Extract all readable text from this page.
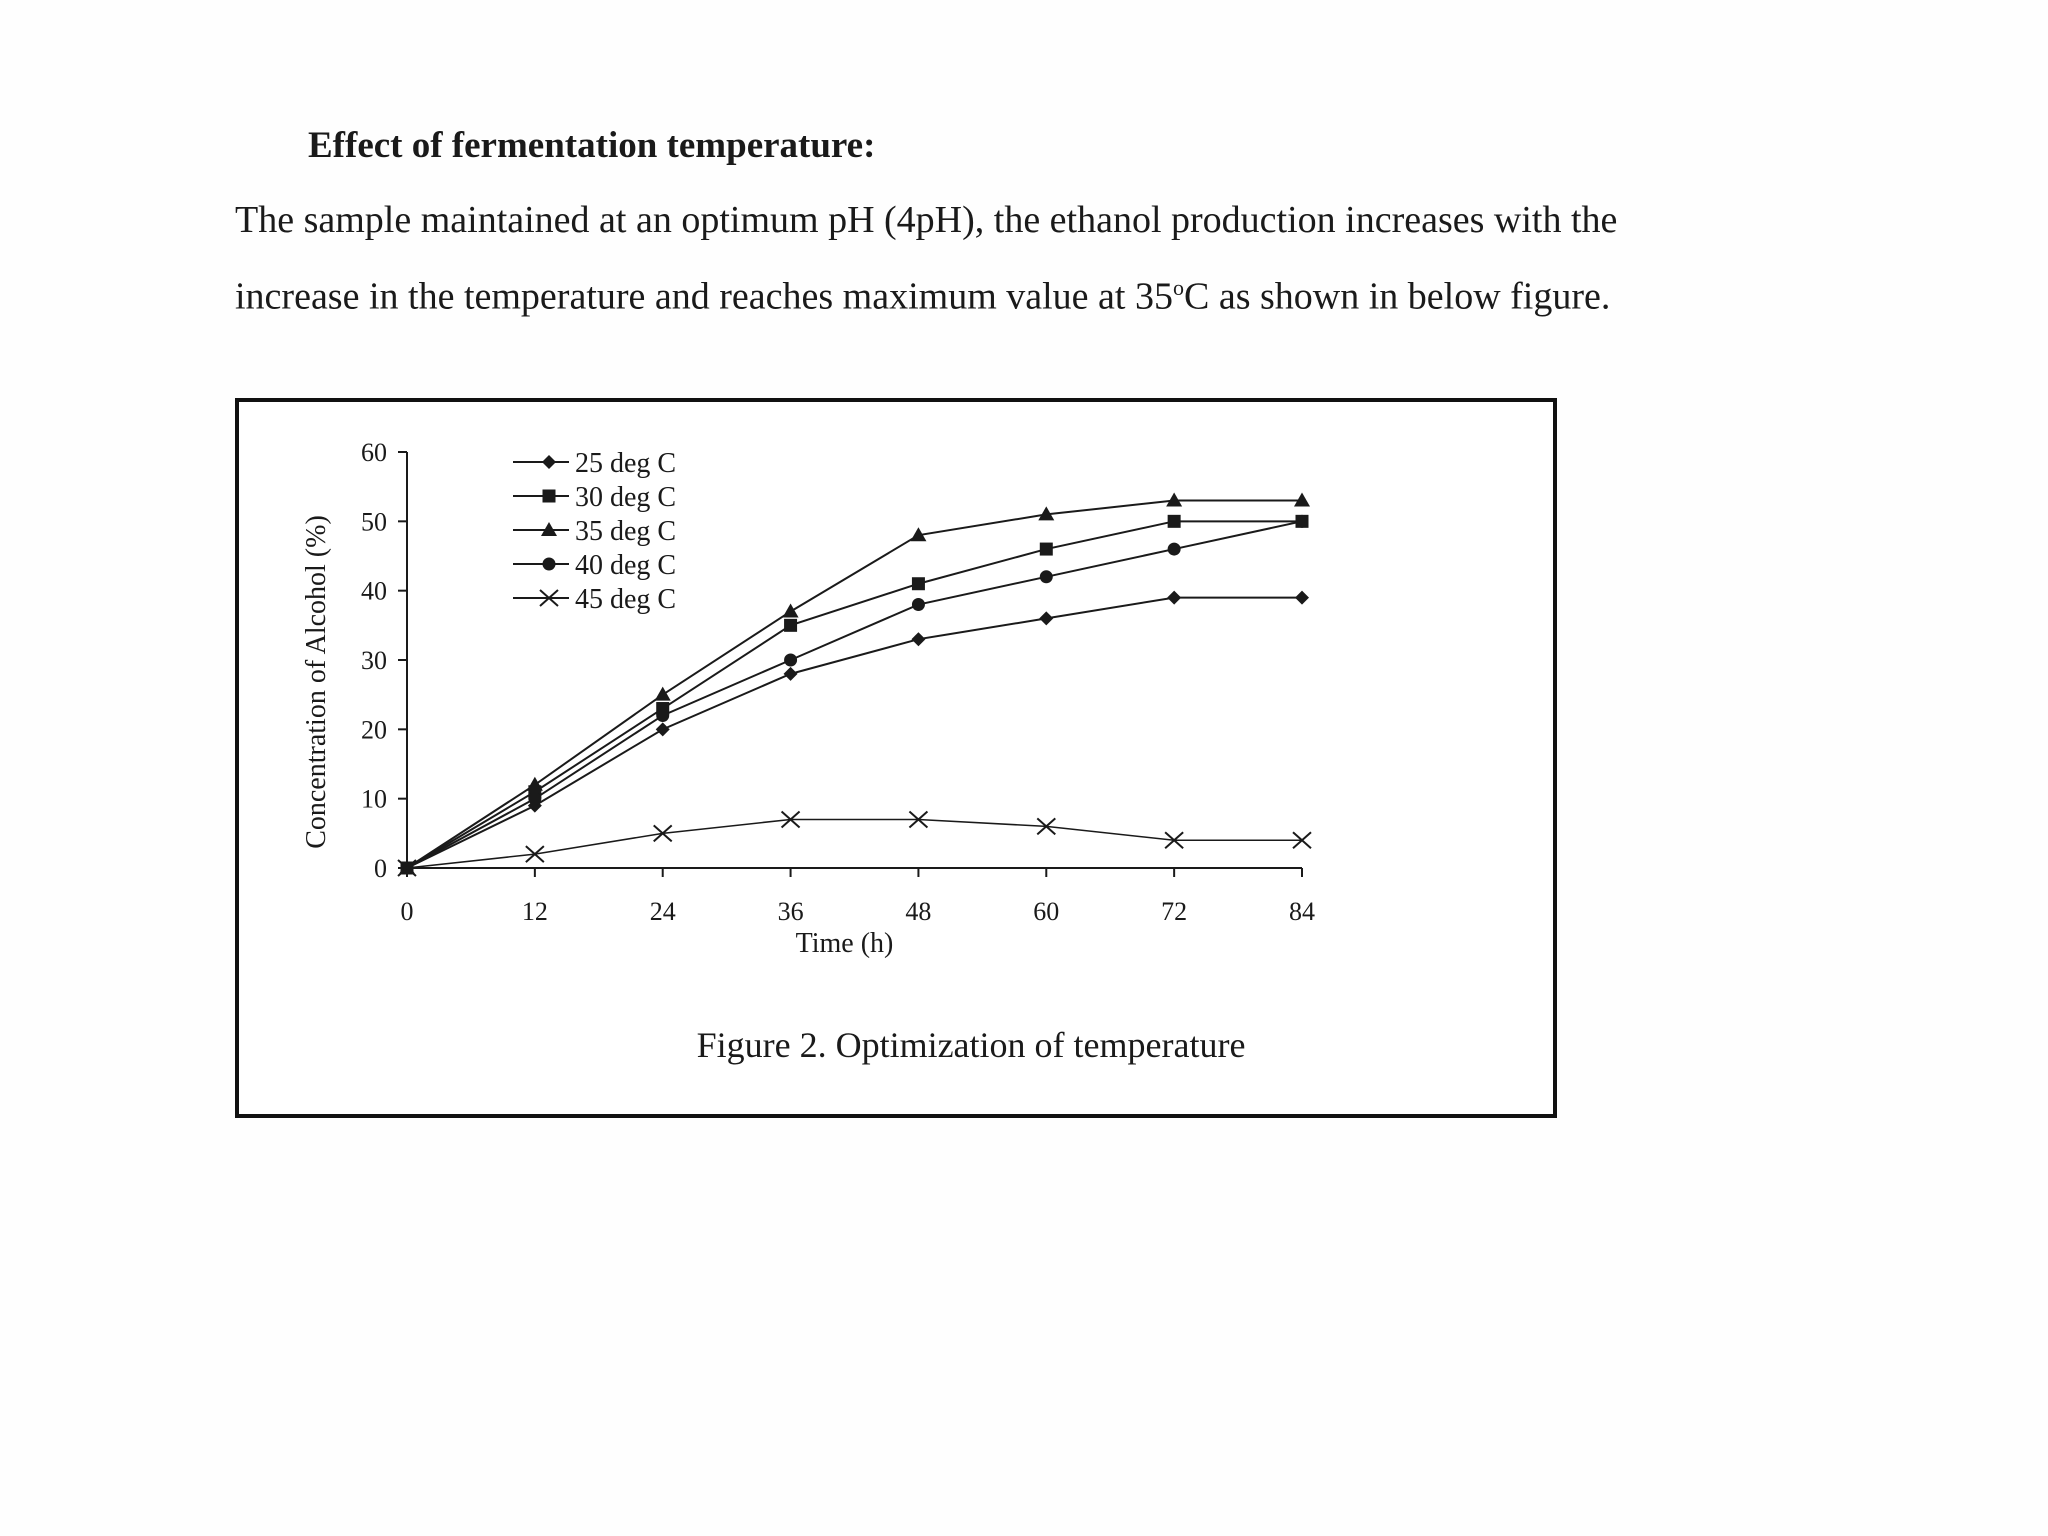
Effect of fermentation temperature:

The sample maintained at an optimum pH (4pH), the ethanol production increases with the increase in the temperature and reaches maximum value at 35$^o$C as shown in below figure.

0
10
20
30
40
50
60
0	12	24	36	48	60	72	84
Time (h)
Concentration of Alcohol (%)
25 deg C
30 deg C
35 deg C
40 deg C
45 deg C
Figure 2. Optimization of temperature
